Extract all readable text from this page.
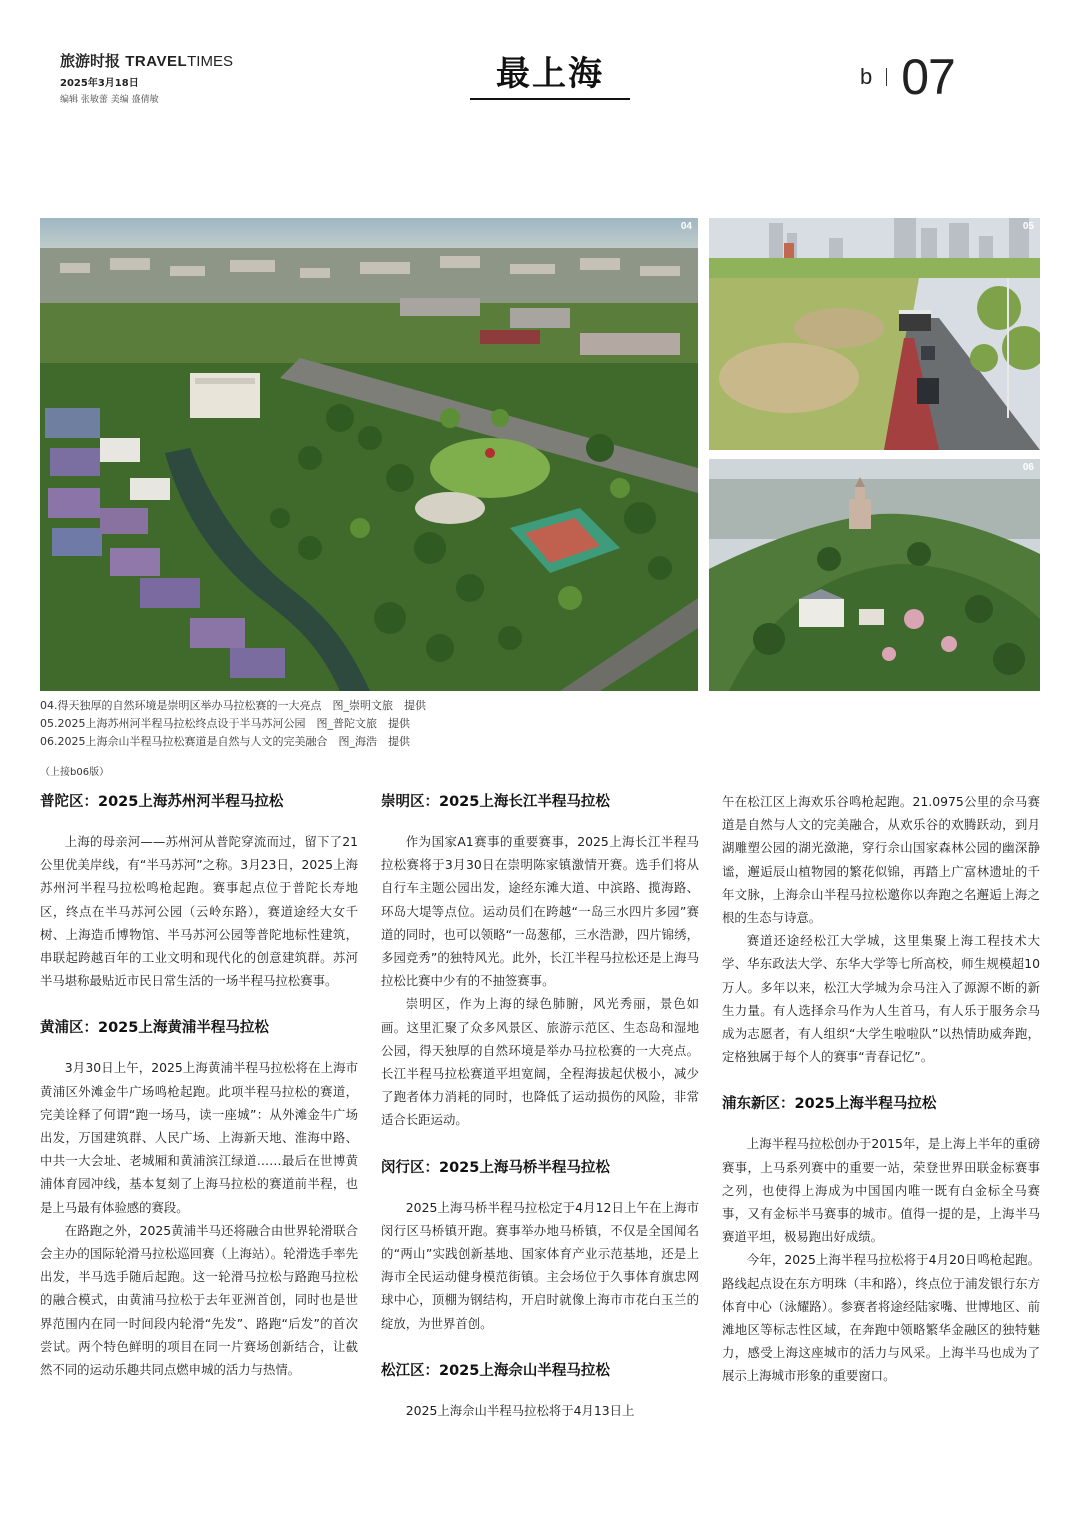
旅游时报 TRAVELTIMES
2025年3月18日
编辑 张敏蕾 美编 盛倩敏
最上海	b 07
04	05
06
04.得天独厚的自然环境是崇明区举办马拉松赛的一大亮点　图_崇明文旅　提供
05.2025上海苏州河半程马拉松终点设于半马苏河公园　图_普陀文旅　提供
06.2025上海佘山半程马拉松赛道是自然与人文的完美融合　图_海浩　提供
（上接b06版）
普陀区：2025上海苏州河半程马拉松

上海的母亲河——苏州河从普陀穿流而过，留下了21公里优美岸线，有“半马苏河”之称。3月23日，2025上海苏州河半程马拉松鸣枪起跑。赛事起点位于普陀长寿地区，终点在半马苏河公园（云岭东路），赛道途经大女千树、上海造币博物馆、半马苏河公园等普陀地标性建筑，串联起跨越百年的工业文明和现代化的创意建筑群。苏河半马堪称最贴近市民日常生活的一场半程马拉松赛事。

黄浦区：2025上海黄浦半程马拉松

3月30日上午，2025上海黄浦半程马拉松将在上海市黄浦区外滩金牛广场鸣枪起跑。此项半程马拉松的赛道，完美诠释了何谓“跑一场马，读一座城”：从外滩金牛广场出发，万国建筑群、人民广场、上海新天地、淮海中路、中共一大会址、老城厢和黄浦滨江绿道……最后在世博黄浦体育园冲线，基本复刻了上海马拉松的赛道前半程，也是上马最有体验感的赛段。

在路跑之外，2025黄浦半马还将融合由世界轮滑联合会主办的国际轮滑马拉松巡回赛（上海站）。轮滑选手率先出发，半马选手随后起跑。这一轮滑马拉松与路跑马拉松的融合模式，由黄浦马拉松于去年亚洲首创，同时也是世界范围内在同一时间段内轮滑“先发”、路跑“后发”的首次尝试。两个特色鲜明的项目在同一片赛场创新结合，让截然不同的运动乐趣共同点燃申城的活力与热情。

崇明区：2025上海长江半程马拉松

作为国家A1赛事的重要赛事，2025上海长江半程马拉松赛将于3月30日在崇明陈家镇激情开赛。选手们将从自行车主题公园出发，途经东滩大道、中滨路、揽海路、环岛大堤等点位。运动员们在跨越“一岛三水四片多园”赛道的同时，也可以领略“一岛葱郁，三水浩渺，四片锦绣，多园竞秀”的独特风光。此外，长江半程马拉松还是上海马拉松比赛中少有的不抽签赛事。

崇明区，作为上海的绿色肺腑，风光秀丽，景色如画。这里汇聚了众多风景区、旅游示范区、生态岛和湿地公园，得天独厚的自然环境是举办马拉松赛的一大亮点。长江半程马拉松赛道平坦宽阔，全程海拔起伏极小，减少了跑者体力消耗的同时，也降低了运动损伤的风险，非常适合长距运动。

闵行区：2025上海马桥半程马拉松

2025上海马桥半程马拉松定于4月12日上午在上海市闵行区马桥镇开跑。赛事举办地马桥镇，不仅是全国闻名的“两山”实践创新基地、国家体育产业示范基地，还是上海市全民运动健身模范街镇。主会场位于久事体育旗忠网球中心，顶棚为钢结构，开启时就像上海市市花白玉兰的绽放，为世界首创。

松江区：2025上海佘山半程马拉松

2025上海佘山半程马拉松将于4月13日上

午在松江区上海欢乐谷鸣枪起跑。21.0975公里的佘马赛道是自然与人文的完美融合，从欢乐谷的欢腾跃动，到月湖雕塑公园的湖光潋滟，穿行佘山国家森林公园的幽深静谧，邂逅辰山植物园的繁花似锦，再踏上广富林遗址的千年文脉，上海佘山半程马拉松邀你以奔跑之名邂逅上海之根的生态与诗意。

赛道还途经松江大学城，这里集聚上海工程技术大学、华东政法大学、东华大学等七所高校，师生规模超10万人。多年以来，松江大学城为佘马注入了源源不断的新生力量。有人选择佘马作为人生首马，有人乐于服务佘马成为志愿者，有人组织“大学生啦啦队”以热情助威奔跑，定格独属于每个人的赛事“青春记忆”。

浦东新区：2025上海半程马拉松

上海半程马拉松创办于2015年，是上海上半年的重磅赛事，上马系列赛中的重要一站，荣登世界田联金标赛事之列，也使得上海成为中国国内唯一既有白金标全马赛事，又有金标半马赛事的城市。值得一提的是，上海半马赛道平坦，极易跑出好成绩。

今年，2025上海半程马拉松将于4月20日鸣枪起跑。路线起点设在东方明珠（丰和路），终点位于浦发银行东方体育中心（泳耀路）。参赛者将途经陆家嘴、世博地区、前滩地区等标志性区域，在奔跑中领略繁华金融区的独特魅力，感受上海这座城市的活力与风采。上海半马也成为了展示上海城市形象的重要窗口。
